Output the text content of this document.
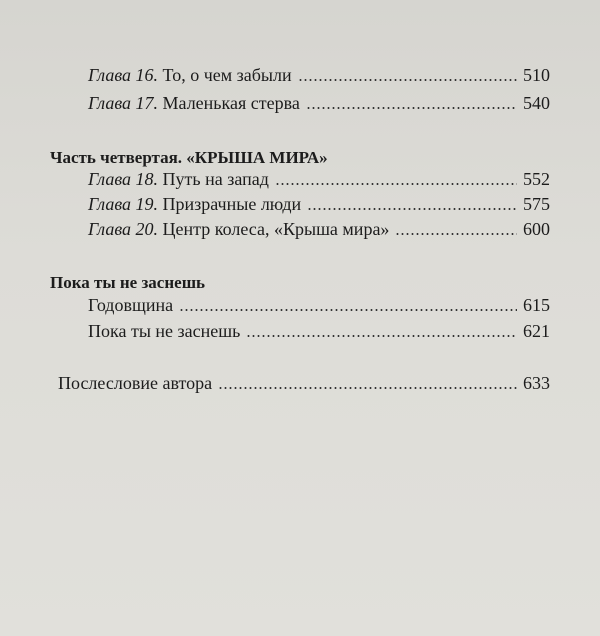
Глава 16. То, о чем забыли	510
Глава 17. Маленькая стерва	540
Часть четвертая. «КРЫША МИРА»
Глава 18. Путь на запад	552
Глава 19. Призрачные люди	575
Глава 20. Центр колеса, «Крыша мира»	600
Пока ты не заснешь
Годовщина	615
Пока ты не заснешь	621
Послесловие автора	633
